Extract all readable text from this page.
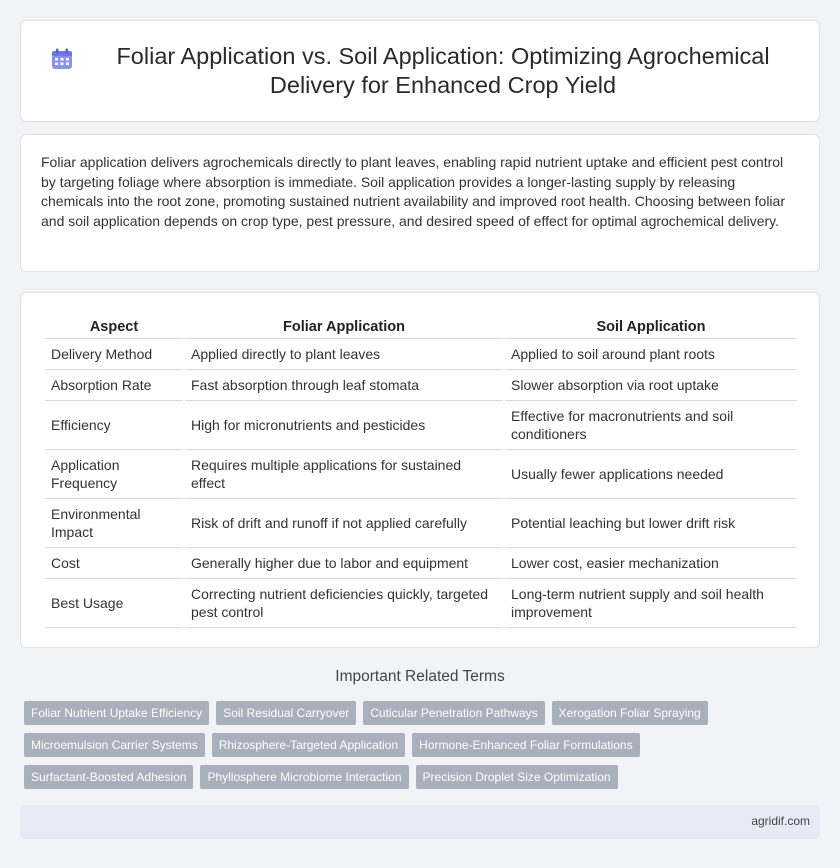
Foliar Application vs. Soil Application: Optimizing Agrochemical Delivery for Enhanced Crop Yield

Foliar application delivers agrochemicals directly to plant leaves, enabling rapid nutrient uptake and efficient pest control by targeting foliage where absorption is immediate. Soil application provides a longer-lasting supply by releasing chemicals into the root zone, promoting sustained nutrient availability and improved root health. Choosing between foliar and soil application depends on crop type, pest pressure, and desired speed of effect for optimal agrochemical delivery.

Aspect	Foliar Application	Soil Application
Delivery Method	Applied directly to plant leaves	Applied to soil around plant roots
Absorption Rate	Fast absorption through leaf stomata	Slower absorption via root uptake
Efficiency	High for micronutrients and pesticides	Effective for macronutrients and soil conditioners
Application Frequency	Requires multiple applications for sustained effect	Usually fewer applications needed
Environmental Impact	Risk of drift and runoff if not applied carefully	Potential leaching but lower drift risk
Cost	Generally higher due to labor and equipment	Lower cost, easier mechanization
Best Usage	Correcting nutrient deficiencies quickly, targeted pest control	Long-term nutrient supply and soil health improvement
Important Related Terms
Foliar Nutrient Uptake Efficiency	Soil Residual Carryover	Cuticular Penetration Pathways	Xerogation Foliar Spraying
Microemulsion Carrier Systems	Rhizosphere-Targeted Application	Hormone-Enhanced Foliar Formulations
Surfactant-Boosted Adhesion	Phyllosphere Microbiome Interaction	Precision Droplet Size Optimization
agridif.com
